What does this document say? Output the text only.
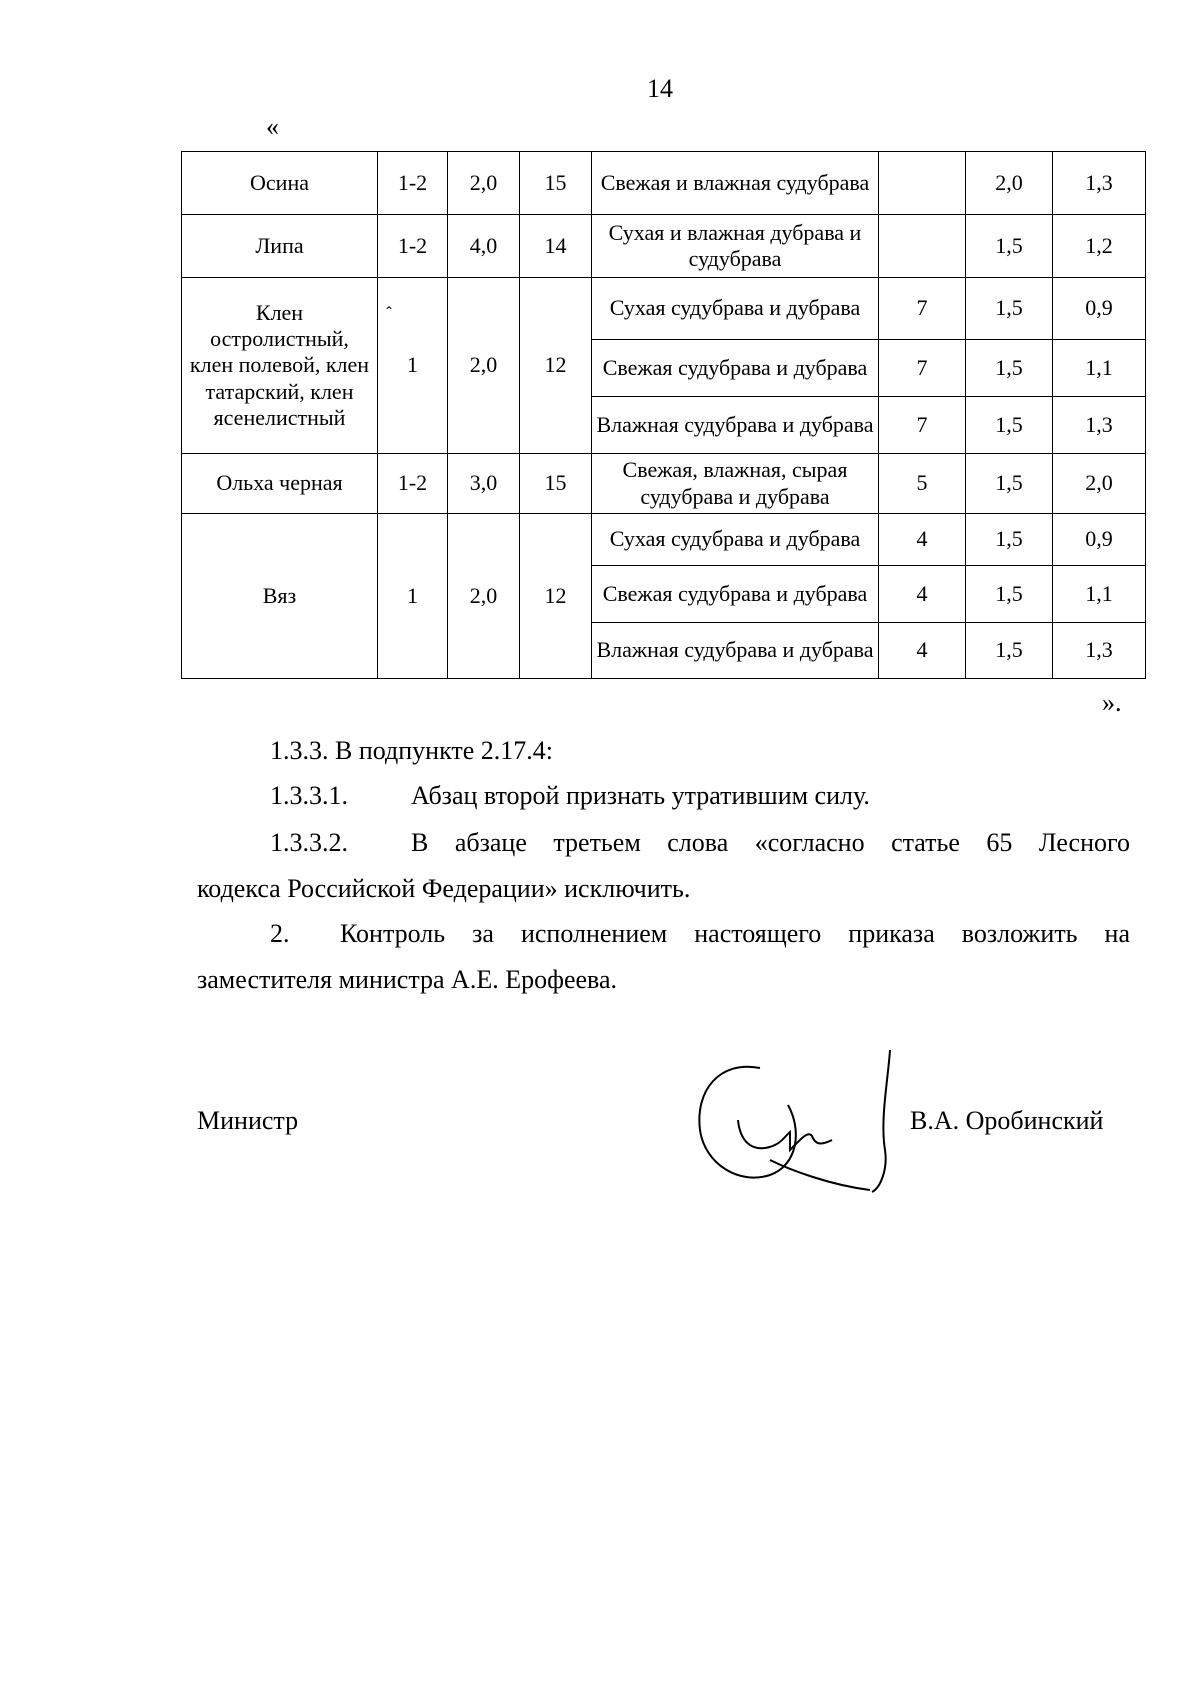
14
«
Осина	1-2	2,0	15	Свежая и влажная судубрава		2,0	1,3
Липа	1-2	4,0	14	Сухая и влажная дубрава и судубрава		1,5	1,2
Клен остролистный, клен полевой, клен татарский, клен ясенелистный	1	2,0	12	Сухая судубрава и дубрава	7	1,5	0,9
				Свежая судубрава и дубрава	7	1,5	1,1
				Влажная судубрава и дубрава	7	1,5	1,3
Ольха черная	1-2	3,0	15	Свежая, влажная, сырая судубрава и дубрава	5	1,5	2,0
Вяз	1	2,0	12	Сухая судубрава и дубрава	4	1,5	0,9
				Свежая судубрава и дубрава	4	1,5	1,1
				Влажная судубрава и дубрава	4	1,5	1,3
⌃
».
1.3.3. В подпункте 2.17.4:
1.3.3.1. Абзац второй признать утратившим силу.
1.3.3.2. В абзаце третьем слова «согласно статье 65 Лесного
кодекса Российской Федерации» исключить.
2. Контроль за исполнением настоящего приказа возложить на
заместителя министра А.Е. Ерофеева.
Министр	В.А. Оробинский
